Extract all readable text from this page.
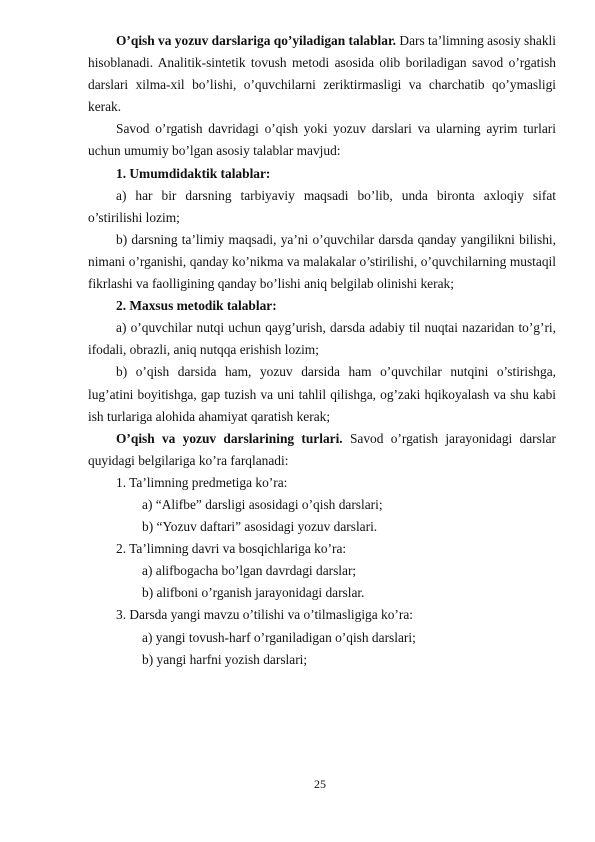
O’qish va yozuv darslariga qo’yiladigan talablar. Dars ta’limning asosiy shakli hisoblanadi. Analitik-sintetik tovush metodi asosida olib boriladigan savod o’rgatish darslari xilma-xil bo’lishi, o’quvchilarni zeriktirmasligi va charchatib qo’ymasligi kerak.

Savod o’rgatish davridagi o’qish yoki yozuv darslari va ularning ayrim turlari uchun umumiy bo’lgan asosiy talablar mavjud:

1. Umumdidaktik talablar:

a) har bir darsning tarbiyaviy maqsadi bo’lib, unda bironta axloqiy sifat o’stirilishi lozim;

b) darsning ta’limiy maqsadi, ya’ni o’quvchilar darsda qanday yangilikni bilishi, nimani o’rganishi, qanday ko’nikma va malakalar o’stirilishi, o’quvchilarning mustaqil fikrlashi va faolligining qanday bo’lishi aniq belgilab olinishi kerak;

2. Maxsus metodik talablar:

a) o’quvchilar nutqi uchun qayg’urish, darsda adabiy til nuqtai nazaridan to’g’ri, ifodali, obrazli, aniq nutqqa erishish lozim;

b) o’qish darsida ham, yozuv darsida ham o’quvchilar nutqini o’stirishga, lug’atini boyitishga, gap tuzish va uni tahlil qilishga, og’zaki hqikoyalash va shu kabi ish turlariga alohida ahamiyat qaratish kerak;

O’qish va yozuv darslarining turlari. Savod o’rgatish jarayonidagi darslar quyidagi belgilariga ko’ra farqlanadi:

1. Ta’limning predmetiga ko’ra:

a) “Alifbe” darsligi asosidagi o’qish darslari;

b) “Yozuv daftari” asosidagi yozuv darslari.

2. Ta’limning davri va bosqichlariga ko’ra:

a) alifbogacha bo’lgan davrdagi darslar;

b) alifboni o’rganish jarayonidagi darslar.

3. Darsda yangi mavzu o’tilishi va o’tilmasligiga ko’ra:

a) yangi tovush-harf o’rganiladigan o’qish darslari;

b) yangi harfni yozish darslari;

25
